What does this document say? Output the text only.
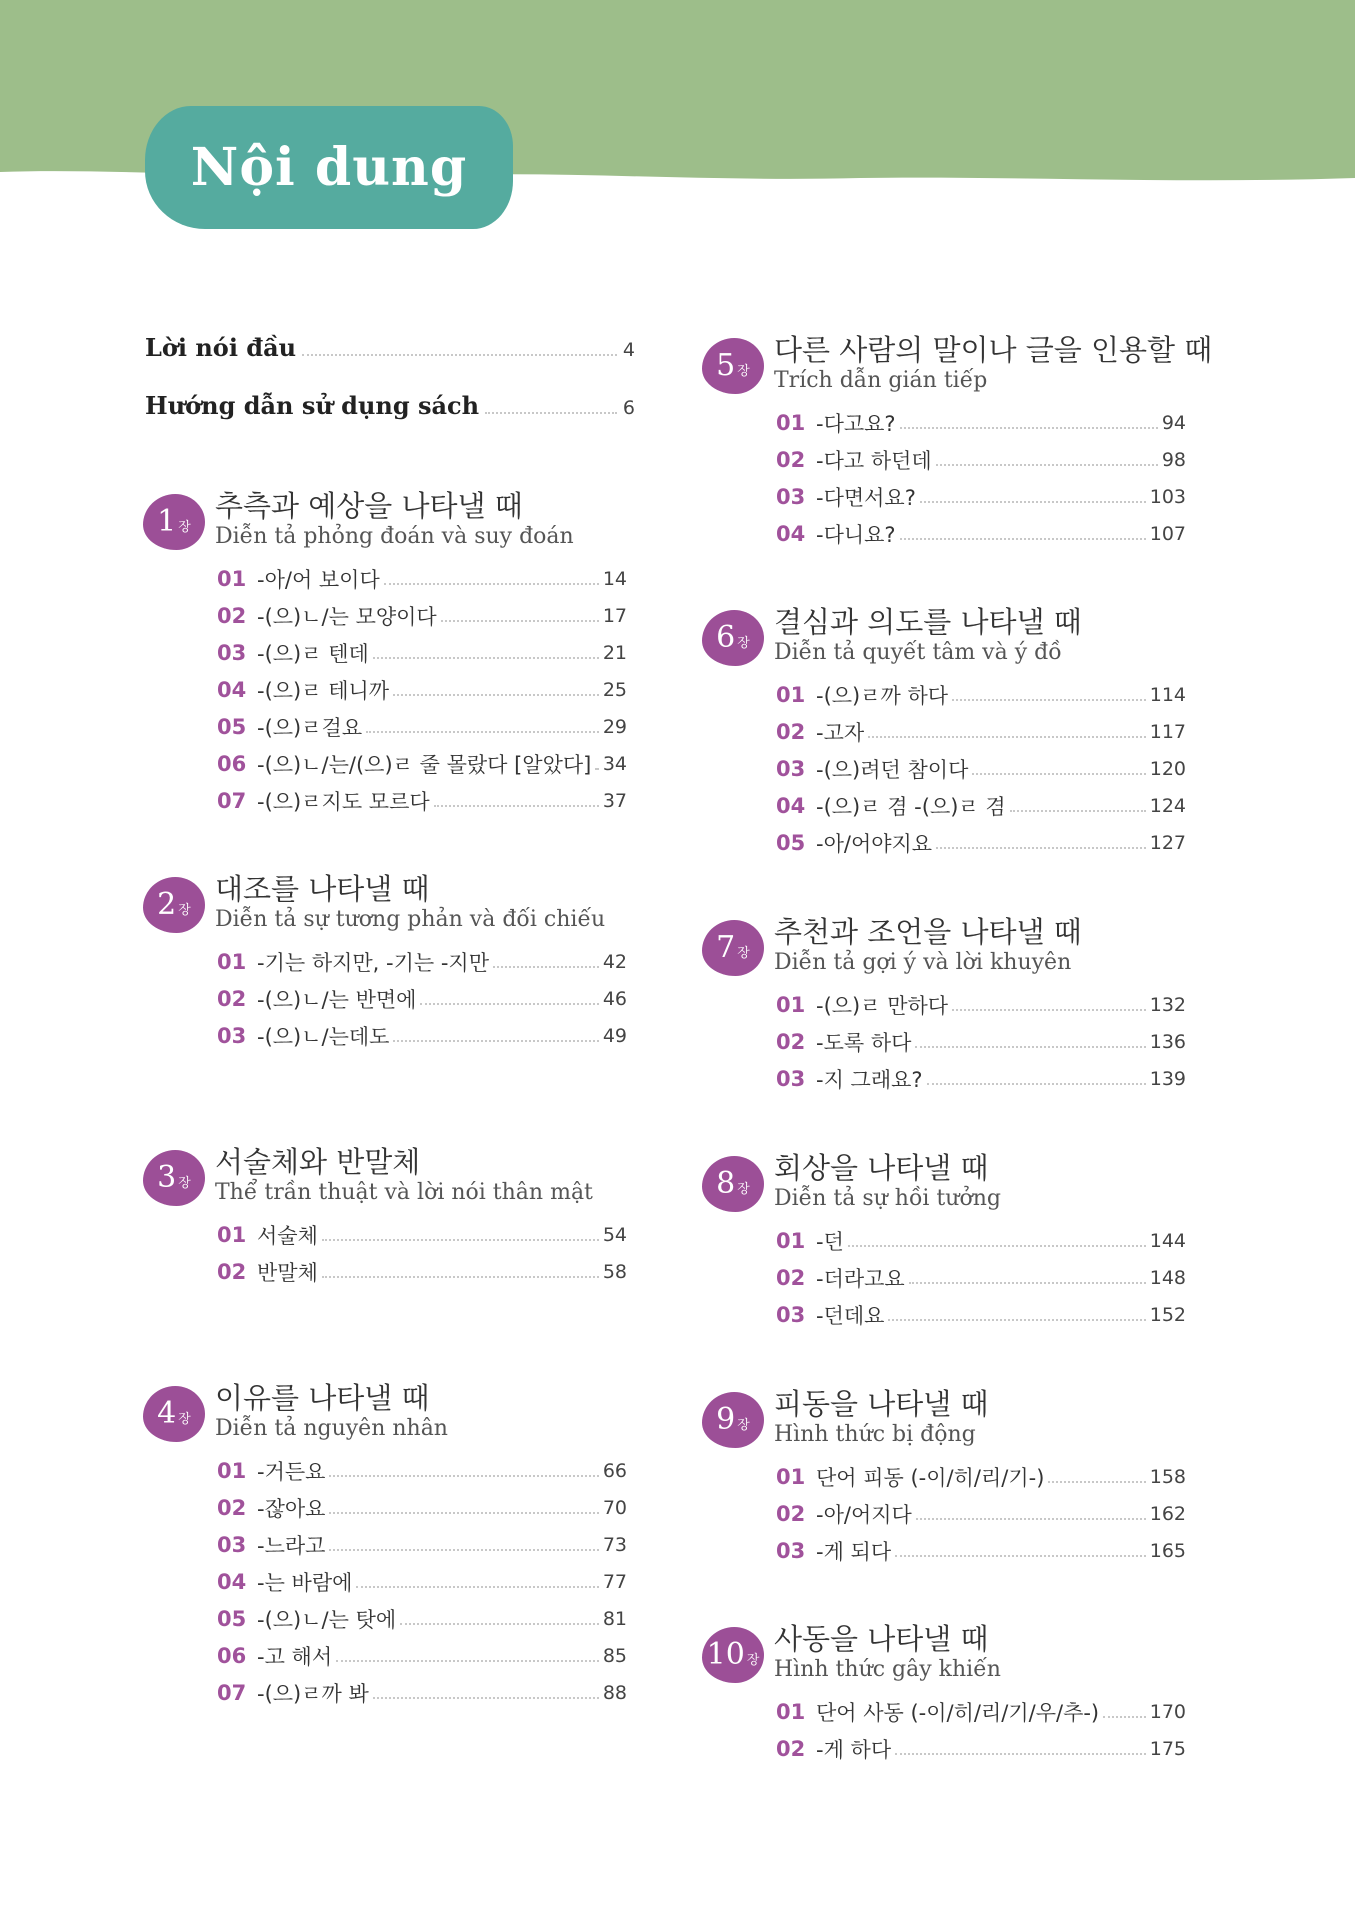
Nội dung
Lời nói đầu	4
Hướng dẫn sử dụng sách	6
1 장
추측과 예상을 나타낼 때
Diễn tả phỏng đoán và suy đoán
01 -아/어 보이다	14
02 -(으)ㄴ/는 모양이다	17
03 -(으)ㄹ 텐데	21
04 -(으)ㄹ 테니까	25
05 -(으)ㄹ걸요	29
06 -(으)ㄴ/는/(으)ㄹ 줄 몰랐다 [알았다] 34
07 -(으)ㄹ지도 모르다	37
2 장
대조를 나타낼 때
Diễn tả sự tương phản và đối chiếu
01 -기는 하지만, -기는 -지만	42
02 -(으)ㄴ/는 반면에	46
03 -(으)ㄴ/는데도	49
3 장
서술체와 반말체
Thể trần thuật và lời nói thân mật
01 서술체	54
02 반말체	58
4 장
이유를 나타낼 때
Diễn tả nguyên nhân
01 -거든요	66
02 -잖아요	70
03 -느라고	73
04 -는 바람에	77
05 -(으)ㄴ/는 탓에	81
06 -고 해서	85
07 -(으)ㄹ까 봐	88
5 장
다른 사람의 말이나 글을 인용할 때
Trích dẫn gián tiếp
01 -다고요?	94
02 -다고 하던데	98
03 -다면서요?	103
04 -다니요?	107
6 장
결심과 의도를 나타낼 때
Diễn tả quyết tâm và ý đồ
01 -(으)ㄹ까 하다	114
02 -고자	117
03 -(으)려던 참이다	120
04 -(으)ㄹ 겸 -(으)ㄹ 겸	124
05 -아/어야지요	127
7 장
추천과 조언을 나타낼 때
Diễn tả gợi ý và lời khuyên
01 -(으)ㄹ 만하다	132
02 -도록 하다	136
03 -지 그래요?	139
8 장
회상을 나타낼 때
Diễn tả sự hồi tưởng
01 -던	144
02 -더라고요	148
03 -던데요	152
9 장
피동을 나타낼 때
Hình thức bị động
01 단어 피동 (-이/히/리/기-)	158
02 -아/어지다	162
03 -게 되다	165
10 장
사동을 나타낼 때
Hình thức gây khiến
01 단어 사동 (-이/히/리/기/우/추-)	170
02 -게 하다	175
